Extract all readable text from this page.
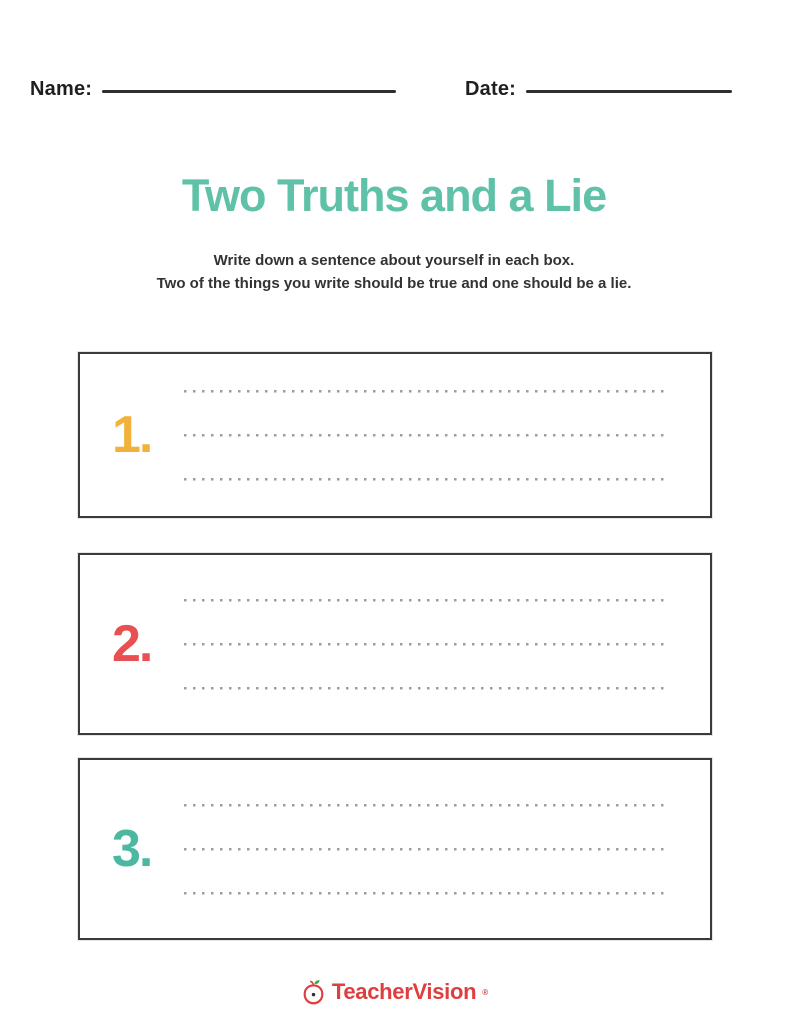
Name:	Date:
Two Truths and a Lie

Write down a sentence about yourself in each box.
Two of the things you write should be true and one should be a lie.

1.
2.
3.
TeacherVision ®
